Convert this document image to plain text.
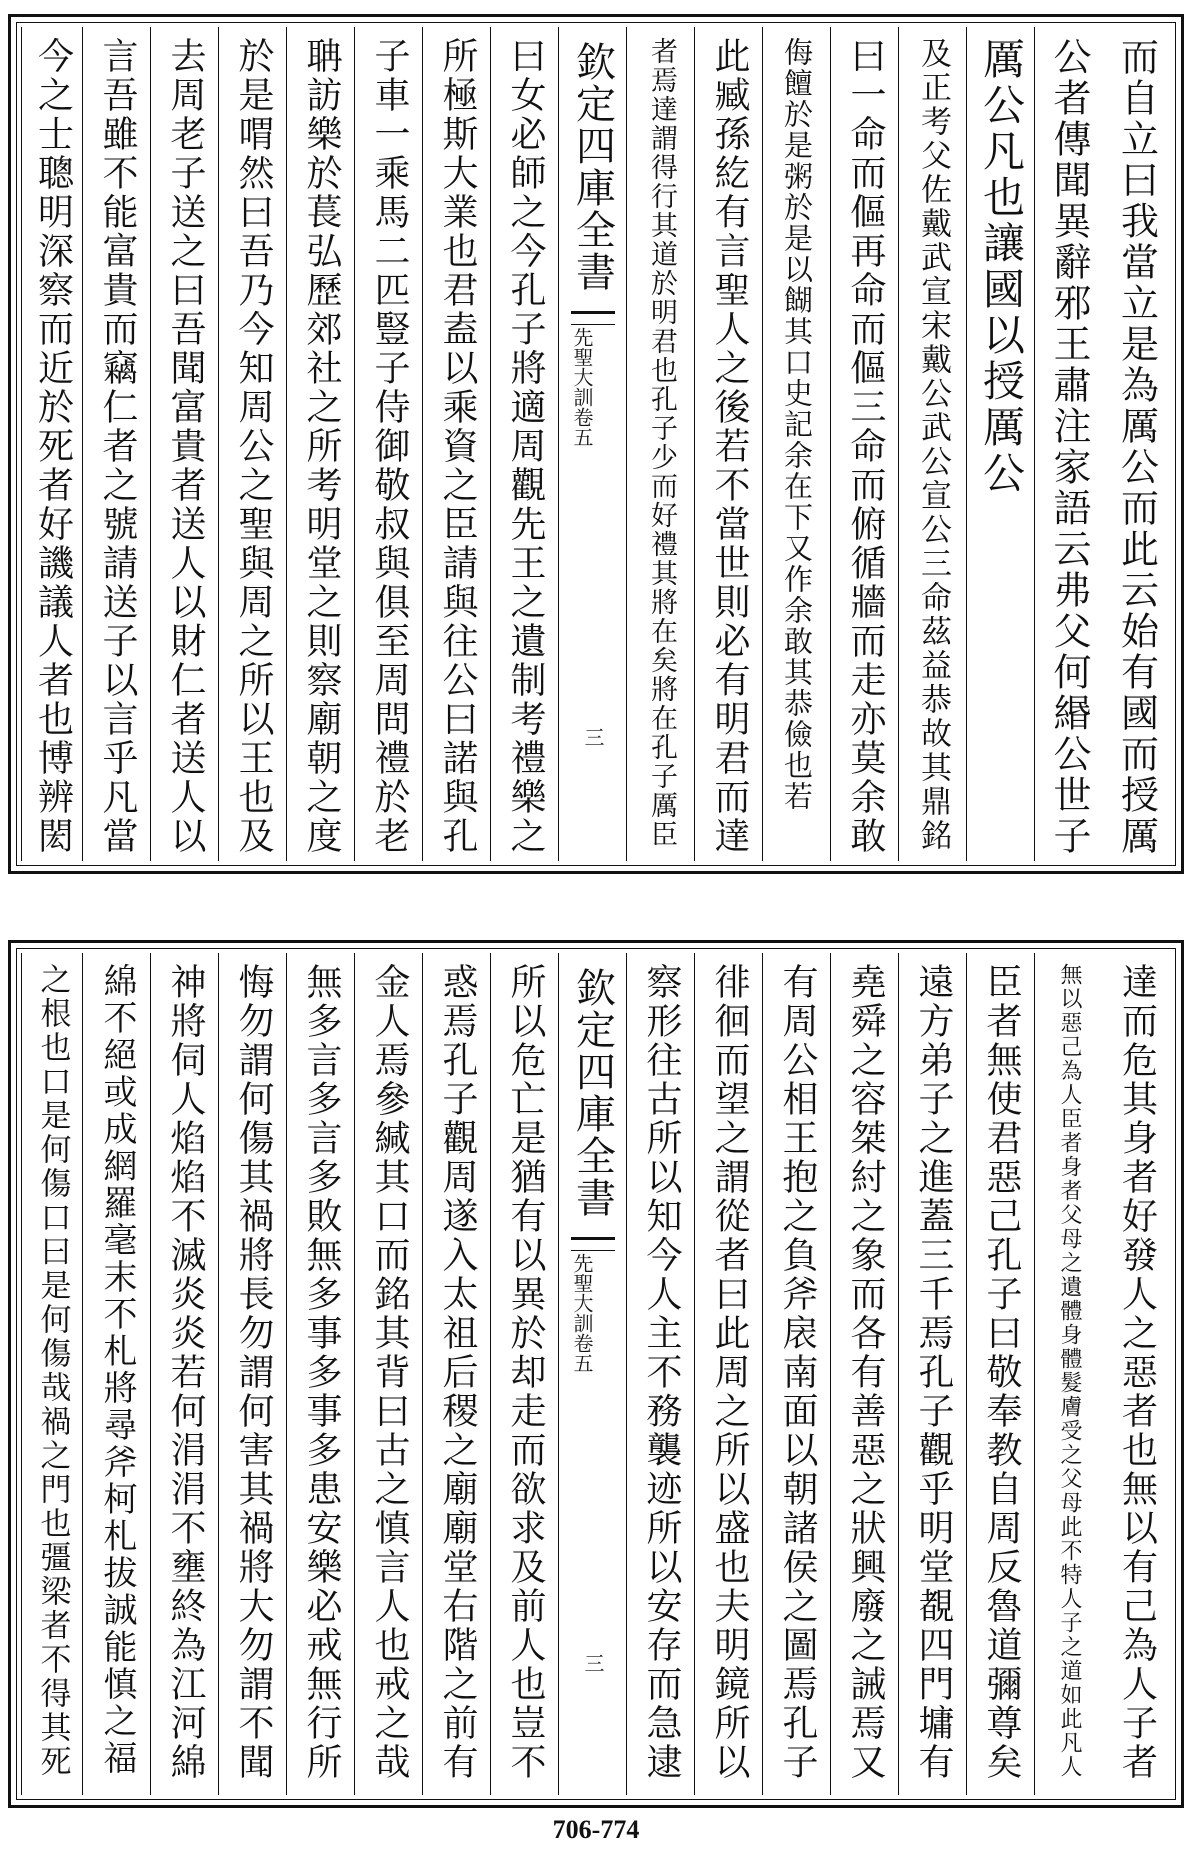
而自立曰我當立是為厲公而此云始有國而授厲
公者傳聞異辭邪王肅注家語云弗父何緡公世子
厲公凡也讓國以授厲公
及正考父佐戴武宣宋戴公武公宣公三命茲益恭故其鼎銘
曰一命而傴再命而傴三命而俯循牆而走亦莫余敢
侮饘於是粥於是以餬其口史記余在下又作余敢其恭儉也若
此臧孫紇有言聖人之後若不當世則必有明君而達
者焉達謂得行其道於明君也孔子少而好禮其將在矣將在孔子厲臣
欽定四庫全書
先聖大訓卷五
三
曰女必師之今孔子將適周觀先王之遺制考禮樂之
所極斯大業也君盍以乘資之臣請與往公曰諾與孔
子車一乘馬二匹豎子侍御敬叔與俱至周問禮於老
聃訪樂於萇弘歷郊社之所考明堂之則察廟朝之度
於是喟然曰吾乃今知周公之聖與周之所以王也及
去周老子送之曰吾聞富貴者送人以財仁者送人以
言吾雖不能富貴而竊仁者之號請送子以言乎凡當
今之士聰明深察而近於死者好譏議人者也博辨閎
達而危其身者好發人之惡者也無以有己為人子者
無以惡己為人臣者身者父母之遺體身體髮膚受之父母此不特人子之道如此凡人
臣者無使君惡己孔子曰敬奉教自周反魯道彌尊矣
遠方弟子之進蓋三千焉孔子觀乎明堂覩四門墉有
堯舜之容桀紂之象而各有善惡之狀興廢之誡焉又
有周公相王抱之負斧扆南面以朝諸侯之圖焉孔子
徘徊而望之謂從者曰此周之所以盛也夫明鏡所以
察形往古所以知今人主不務襲迹所以安存而急逮
欽定四庫全書
先聖大訓卷五
三
所以危亡是猶有以異於却走而欲求及前人也豈不
惑焉孔子觀周遂入太祖后稷之廟廟堂右階之前有
金人焉參緘其口而銘其背曰古之慎言人也戒之哉
無多言多言多敗無多事多事多患安樂必戒無行所
悔勿謂何傷其禍將長勿謂何害其禍將大勿謂不聞
神將伺人焰焰不滅炎炎若何涓涓不壅終為江河綿
綿不絕或成網羅毫末不札將尋斧柯札拔誠能慎之福
之根也口是何傷口曰是何傷哉禍之門也彊梁者不得其死
706-774
